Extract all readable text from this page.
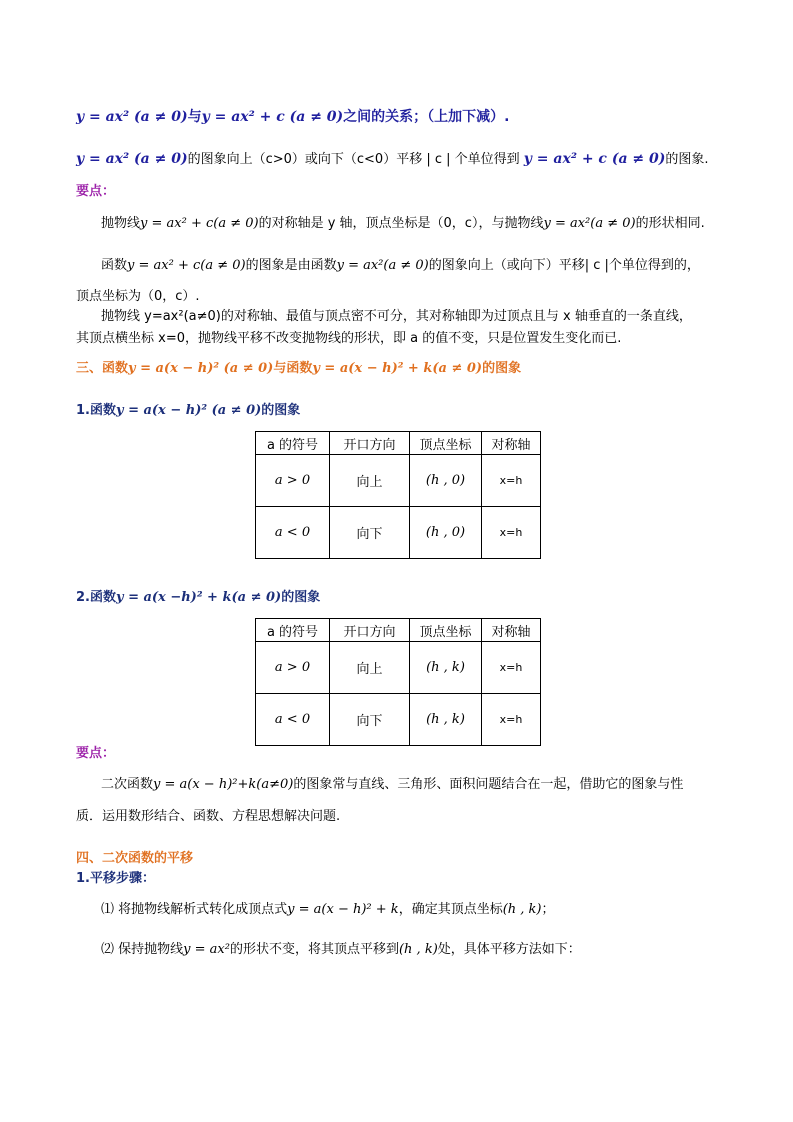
y = ax² (a ≠ 0)与y = ax² + c (a ≠ 0)之间的关系；（上加下减）.
y = ax² (a ≠ 0)的图象向上（c>0）或向下（c<0）平移 | c | 个单位得到 y = ax² + c (a ≠ 0)的图象.
要点：
抛物线y = ax² + c(a ≠ 0)的对称轴是 y 轴，顶点坐标是（0，c），与抛物线y = ax²(a ≠ 0)的形状相同.
函数y = ax² + c(a ≠ 0)的图象是由函数y = ax²(a ≠ 0)的图象向上（或向下）平移| c |个单位得到的，
顶点坐标为（0，c）.
抛物线 y=ax²(a≠0)的对称轴、最值与顶点密不可分，其对称轴即为过顶点且与 x 轴垂直的一条直线，
其顶点横坐标 x=0，抛物线平移不改变抛物线的形状，即 a 的值不变，只是位置发生变化而已.
三、函数y = a(x − h)² (a ≠ 0)与函数y = a(x − h)² + k(a ≠ 0)的图象
1.函数y = a(x − h)² (a ≠ 0)的图象
a 的符号	开口方向	顶点坐标	对称轴
a > 0	向上	(h , 0)	x=h
a < 0	向下	(h , 0)	x=h
2.函数y = a(x −h)² + k(a ≠ 0)的图象
a 的符号	开口方向	顶点坐标	对称轴
a > 0	向上	(h , k)	x=h
a < 0	向下	(h , k)	x=h
要点：
二次函数y = a(x − h)²+k(a≠0)的图象常与直线、三角形、面积问题结合在一起，借助它的图象与性
质．运用数形结合、函数、方程思想解决问题.
四、二次函数的平移
1.平移步骤：
⑴ 将抛物线解析式转化成顶点式y = a(x − h)² + k，确定其顶点坐标(h , k)；
⑵ 保持抛物线y = ax²的形状不变，将其顶点平移到(h , k)处，具体平移方法如下：
